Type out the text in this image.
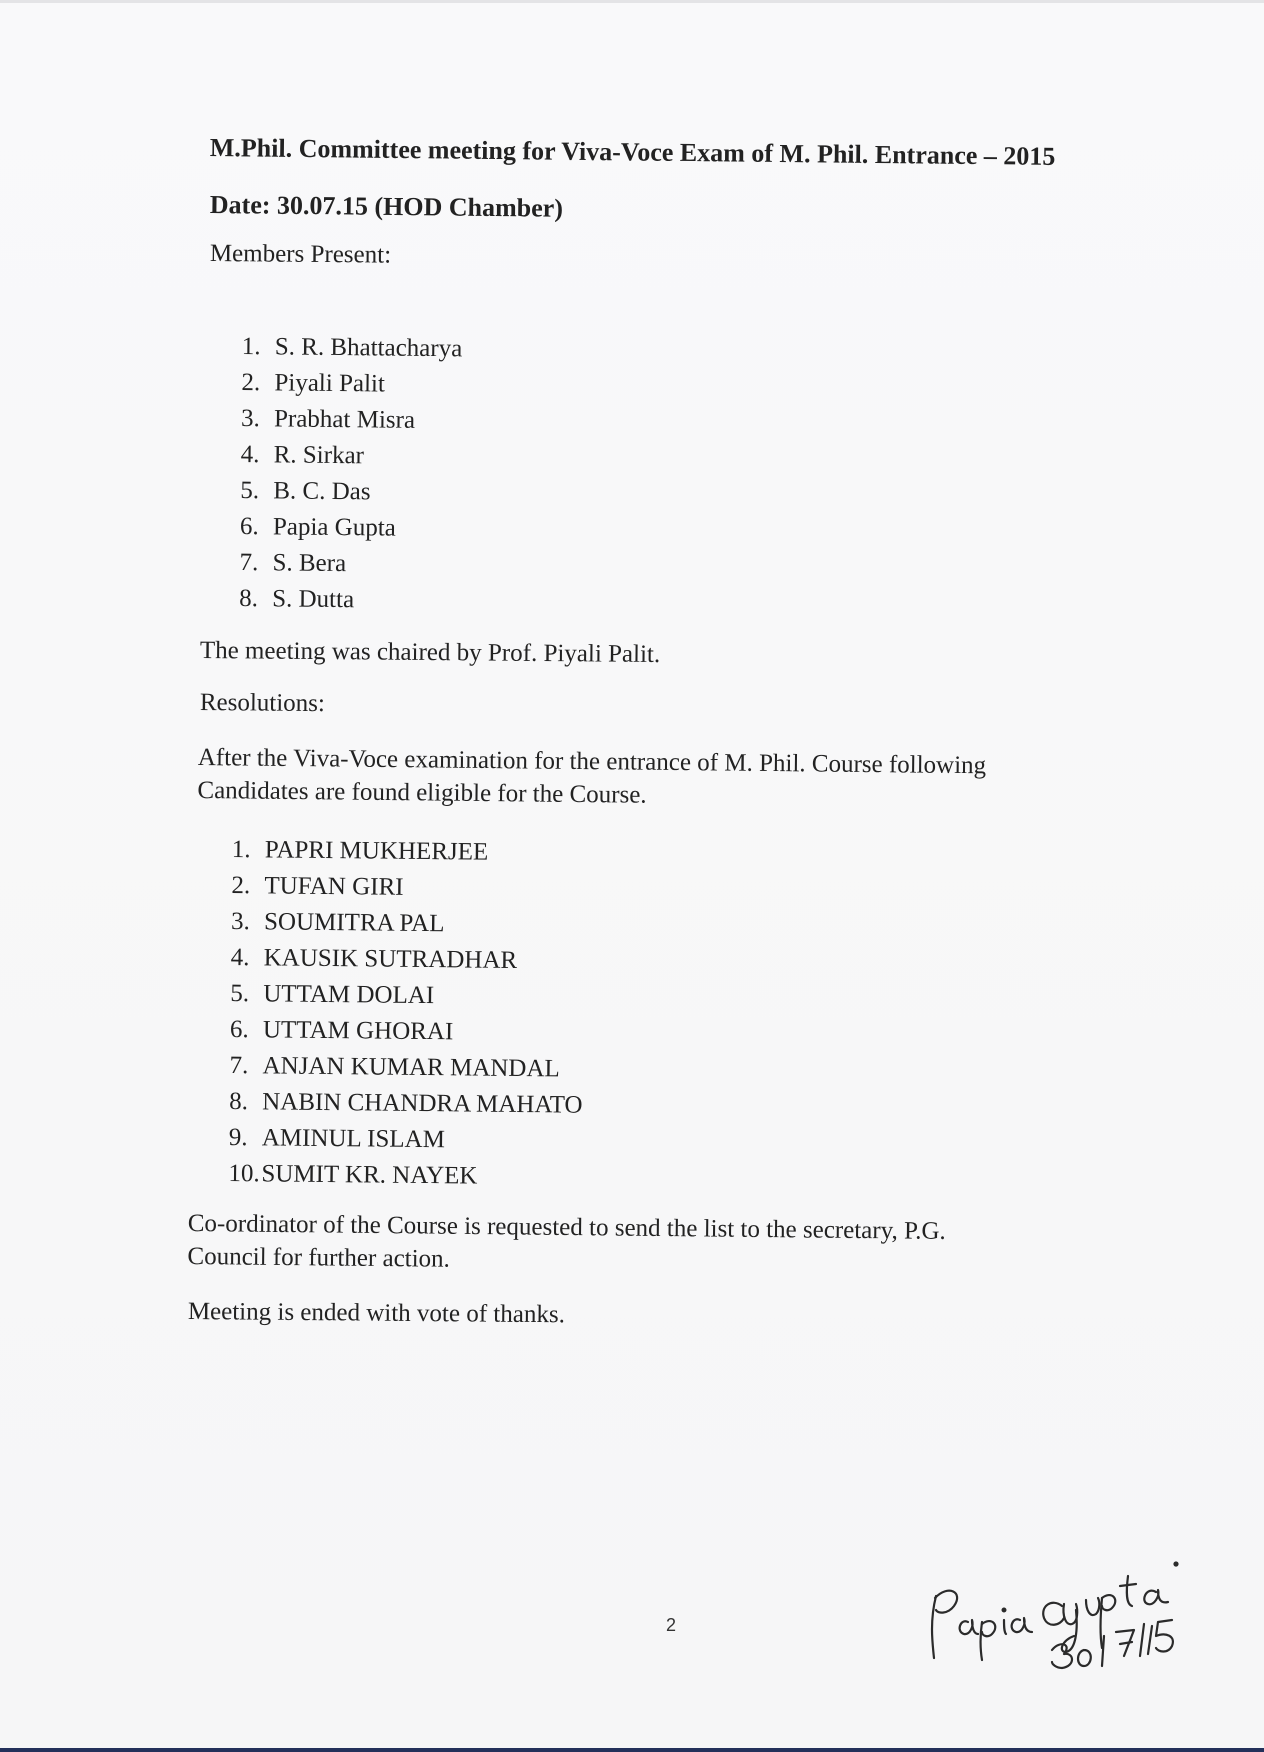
M.Phil. Committee meeting for Viva-Voce Exam of M. Phil. Entrance – 2015
Date: 30.07.15 (HOD Chamber)
Members Present:
1. S. R. Bhattacharya
2. Piyali Palit
3. Prabhat Misra
4. R. Sirkar
5. B. C. Das
6. Papia Gupta
7. S. Bera
8. S. Dutta
The meeting was chaired by Prof. Piyali Palit.
Resolutions:
After the Viva-Voce examination for the entrance of M. Phil. Course following
Candidates are found eligible for the Course.
1. PAPRI MUKHERJEE
2. TUFAN GIRI
3. SOUMITRA PAL
4. KAUSIK SUTRADHAR
5. UTTAM DOLAI
6. UTTAM GHORAI
7. ANJAN KUMAR MANDAL
8. NABIN CHANDRA MAHATO
9. AMINUL ISLAM
10.SUMIT KR. NAYEK
Co-ordinator of the Course is requested to send the list to the secretary, P.G.
Council for further action.
Meeting is ended with vote of thanks.
2
